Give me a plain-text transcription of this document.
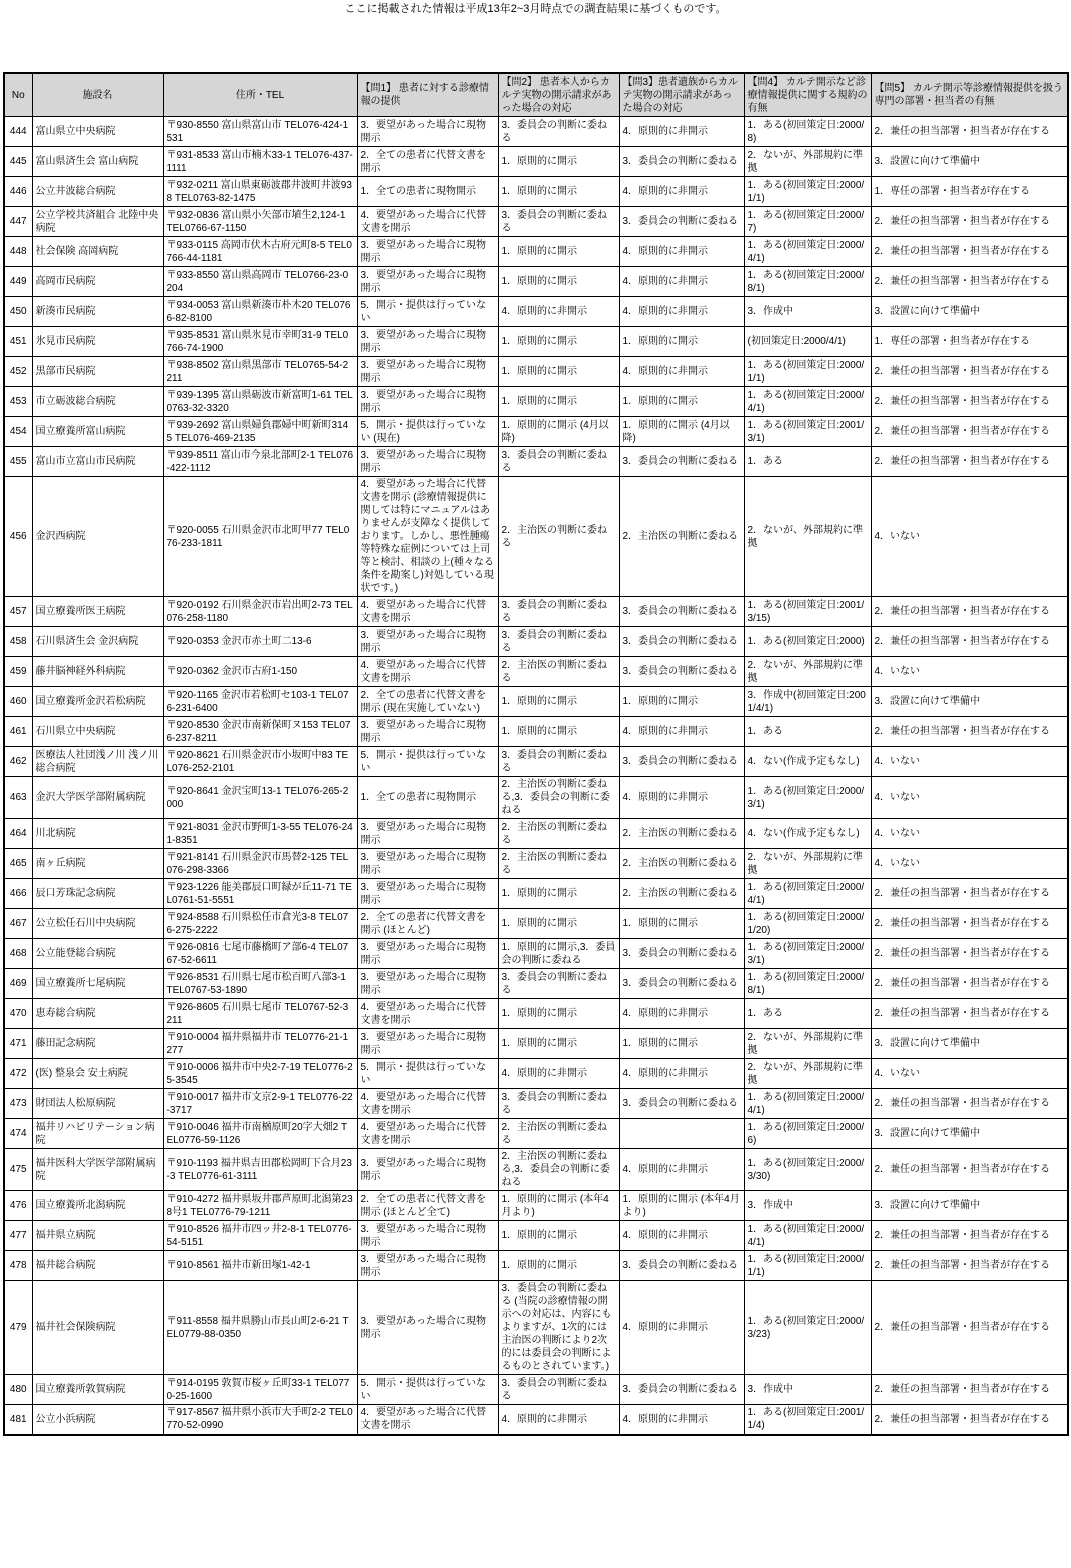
ここに掲載された情報は平成13年2~3月時点での調査結果に基づくものです。
No	施設名	住所・TEL	【問1】 患者に対する診療情報の提供	【問2】 患者本人からカルテ実物の開示請求があった場合の対応	【問3】患者遺族からカルテ実物の開示請求があった場合の対応	【問4】 カルテ開示など診療情報提供に関する規約の有無	【問5】 カルテ開示等診療情報提供を扱う専門の部署・担当者の有無
444	富山県立中央病院	〒930-8550 富山県富山市 TEL076-424-1531	3．要望があった場合に現物開示	3．委員会の判断に委ねる	4．原則的に非開示	1．ある(初回策定日:2000/8)	2．兼任の担当部署・担当者が存在する
445	富山県済生会 富山病院	〒931-8533 富山市楠木33-1 TEL076-437-1111	2．全ての患者に代替文書を開示	1．原則的に開示	3．委員会の判断に委ねる	2．ないが、外部規約に準拠	3．設置に向けて準備中
446	公立井波総合病院	〒932-0211 富山県東砺波郡井波町井波938 TEL0763-82-1475	1．全ての患者に現物開示	1．原則的に開示	4．原則的に非開示	1．ある(初回策定日:2000/1/1)	1．専任の部署・担当者が存在する
447	公立学校共済組合 北陸中央病院	〒932-0836 富山県小矢部市埴生2,124-1 TEL0766-67-1150	4．要望があった場合に代替文書を開示	3．委員会の判断に委ねる	3．委員会の判断に委ねる	1．ある(初回策定日:2000/7)	2．兼任の担当部署・担当者が存在する
448	社会保険 高岡病院	〒933-0115 高岡市伏木古府元町8-5 TEL0766-44-1181	3．要望があった場合に現物開示	1．原則的に開示	4．原則的に非開示	1．ある(初回策定日:2000/4/1)	2．兼任の担当部署・担当者が存在する
449	高岡市民病院	〒933-8550 富山県高岡市 TEL0766-23-0204	3．要望があった場合に現物開示	1．原則的に開示	4．原則的に非開示	1．ある(初回策定日:2000/8/1)	2．兼任の担当部署・担当者が存在する
450	新湊市民病院	〒934-0053 富山県新湊市朴木20 TEL0766-82-8100	5．開示・提供は行っていない	4．原則的に非開示	4．原則的に非開示	3．作成中	3．設置に向けて準備中
451	氷見市民病院	〒935-8531 富山県氷見市幸町31-9 TEL0766-74-1900	3．要望があった場合に現物開示	1．原則的に開示	1．原則的に開示	(初回策定日:2000/4/1)	1．専任の部署・担当者が存在する
452	黒部市民病院	〒938-8502 富山県黒部市 TEL0765-54-2211	3．要望があった場合に現物開示	1．原則的に開示	4．原則的に非開示	1．ある(初回策定日:2000/1/1)	2．兼任の担当部署・担当者が存在する
453	市立砺波総合病院	〒939-1395 富山県砺波市新富町1-61 TEL0763-32-3320	3．要望があった場合に現物開示	1．原則的に開示	1．原則的に開示	1．ある(初回策定日:2000/4/1)	2．兼任の担当部署・担当者が存在する
454	国立療養所富山病院	〒939-2692 富山県婦負郡婦中町新町3145 TEL076-469-2135	5．開示・提供は行っていない (現在)	1．原則的に開示 (4月以降)	1．原則的に開示 (4月以降)	1．ある(初回策定日:2001/3/1)	2．兼任の担当部署・担当者が存在する
455	富山市立富山市民病院	〒939-8511 富山市今泉北部町2-1 TEL076-422-1112	3．要望があった場合に現物開示	3．委員会の判断に委ねる	3．委員会の判断に委ねる	1．ある	2．兼任の担当部署・担当者が存在する
456	金沢西病院	〒920-0055 石川県金沢市北町甲77 TEL076-233-1811	4．要望があった場合に代替文書を開示 (診療情報提供に関しては特にマニュアルはありませんが支障なく提供しております。しかし、悪性腫瘍等特殊な症例については上司等と検討、相談の上(種々なる条件を勘案し)対処している現状です。)	2．主治医の判断に委ねる	2．主治医の判断に委ねる	2．ないが、外部規約に準拠	4．いない
457	国立療養所医王病院	〒920-0192 石川県金沢市岩出町2-73 TEL076-258-1180	4．要望があった場合に代替文書を開示	3．委員会の判断に委ねる	3．委員会の判断に委ねる	1．ある(初回策定日:2001/3/15)	2．兼任の担当部署・担当者が存在する
458	石川県済生会 金沢病院	〒920-0353 金沢市赤土町二13-6	3．要望があった場合に現物開示	3．委員会の判断に委ねる	3．委員会の判断に委ねる	1．ある(初回策定日:2000)	2．兼任の担当部署・担当者が存在する
459	藤井脳神経外科病院	〒920-0362 金沢市古府1-150	4．要望があった場合に代替文書を開示	2．主治医の判断に委ねる	3．委員会の判断に委ねる	2．ないが、外部規約に準拠	4．いない
460	国立療養所金沢若松病院	〒920-1165 金沢市若松町セ103-1 TEL076-231-6400	2．全ての患者に代替文書を開示 (現在実施していない)	1．原則的に開示	1．原則的に開示	3．作成中(初回策定日:2001/4/1)	3．設置に向けて準備中
461	石川県立中央病院	〒920-8530 金沢市南新保町ヌ153 TEL076-237-8211	3．要望があった場合に現物開示	1．原則的に開示	4．原則的に非開示	1．ある	2．兼任の担当部署・担当者が存在する
462	医療法人社団浅ノ川 浅ノ川総合病院	〒920-8621 石川県金沢市小坂町中83 TEL076-252-2101	5．開示・提供は行っていない	3．委員会の判断に委ねる	3．委員会の判断に委ねる	4．ない(作成予定もなし)	4．いない
463	金沢大学医学部附属病院	〒920-8641 金沢宝町13-1 TEL076-265-2000	1．全ての患者に現物開示	2．主治医の判断に委ねる,3．委員会の判断に委ねる	4．原則的に非開示	1．ある(初回策定日:2000/3/1)	4．いない
464	川北病院	〒921-8031 金沢市野町1-3-55 TEL076-241-8351	3．要望があった場合に現物開示	2．主治医の判断に委ねる	2．主治医の判断に委ねる	4．ない(作成予定もなし)	4．いない
465	南ヶ丘病院	〒921-8141 石川県金沢市馬替2-125 TEL076-298-3366	3．要望があった場合に現物開示	2．主治医の判断に委ねる	2．主治医の判断に委ねる	2．ないが、外部規約に準拠	4．いない
466	辰口芳珠記念病院	〒923-1226 能美郡辰口町緑が丘11-71 TEL0761-51-5551	3．要望があった場合に現物開示	1．原則的に開示	2．主治医の判断に委ねる	1．ある(初回策定日:2000/4/1)	2．兼任の担当部署・担当者が存在する
467	公立松任石川中央病院	〒924-8588 石川県松任市倉光3-8 TEL076-275-2222	2．全ての患者に代替文書を開示 (ほとんど)	1．原則的に開示	1．原則的に開示	1．ある(初回策定日:2000/1/20)	2．兼任の担当部署・担当者が存在する
468	公立能登総合病院	〒926-0816 七尾市藤橋町ア部6-4 TEL0767-52-6611	3．要望があった場合に現物開示	1．原則的に開示,3．委員会の判断に委ねる	3．委員会の判断に委ねる	1．ある(初回策定日:2000/3/1)	2．兼任の担当部署・担当者が存在する
469	国立療養所七尾病院	〒926-8531 石川県七尾市松百町八部3-1 TEL0767-53-1890	3．要望があった場合に現物開示	3．委員会の判断に委ねる	3．委員会の判断に委ねる	1．ある(初回策定日:2000/8/1)	2．兼任の担当部署・担当者が存在する
470	恵寿総合病院	〒926-8605 石川県七尾市 TEL0767-52-3211	4．要望があった場合に代替文書を開示	1．原則的に開示	4．原則的に非開示	1．ある	2．兼任の担当部署・担当者が存在する
471	藤田記念病院	〒910-0004 福井県福井市 TEL0776-21-1277	3．要望があった場合に現物開示	1．原則的に開示	1．原則的に開示	2．ないが、外部規約に準拠	3．設置に向けて準備中
472	(医) 整泉会 安土病院	〒910-0006 福井市中央2-7-19 TEL0776-25-3545	5．開示・提供は行っていない	4．原則的に非開示	4．原則的に非開示	2．ないが、外部規約に準拠	4．いない
473	財団法人松原病院	〒910-0017 福井市文京2-9-1 TEL0776-22-3717	4．要望があった場合に代替文書を開示	3．委員会の判断に委ねる	3．委員会の判断に委ねる	1．ある(初回策定日:2000/4/1)	2．兼任の担当部署・担当者が存在する
474	福井リハビリテーション病院	〒910-0046 福井市南楢原町20字大畑2 TEL0776-59-1126	4．要望があった場合に代替文書を開示	2．主治医の判断に委ねる		1．ある(初回策定日:2000/6)	3．設置に向けて準備中
475	福井医科大学医学部附属病院	〒910-1193 福井県吉田郡松岡町下合月23-3 TEL0776-61-3111	3．要望があった場合に現物開示	2．主治医の判断に委ねる,3．委員会の判断に委ねる	4．原則的に非開示	1．ある(初回策定日:2000/3/30)	2．兼任の担当部署・担当者が存在する
476	国立療養所北潟病院	〒910-4272 福井県坂井郡芦原町北潟第238号1 TEL0776-79-1211	2．全ての患者に代替文書を開示 (ほとんど全て)	1．原則的に開示 (本年4月より)	1．原則的に開示 (本年4月より)	3．作成中	3．設置に向けて準備中
477	福井県立病院	〒910-8526 福井市四ッ井2-8-1 TEL0776-54-5151	3．要望があった場合に現物開示	1．原則的に開示	4．原則的に非開示	1．ある(初回策定日:2000/4/1)	2．兼任の担当部署・担当者が存在する
478	福井総合病院	〒910-8561 福井市新田塚1-42-1	3．要望があった場合に現物開示	1．原則的に開示	3．委員会の判断に委ねる	1．ある(初回策定日:2000/1/1)	2．兼任の担当部署・担当者が存在する
479	福井社会保険病院	〒911-8558 福井県勝山市長山町2-6-21 TEL0779-88-0350	3．要望があった場合に現物開示	3．委員会の判断に委ねる (当院の診療情報の開示への対応は、内容にもよりますが、1次的には主治医の判断により2次的には委員会の判断によるものとされています。)	4．原則的に非開示	1．ある(初回策定日:2000/3/23)	2．兼任の担当部署・担当者が存在する
480	国立療養所敦賀病院	〒914-0195 敦賀市桜ヶ丘町33-1 TEL0770-25-1600	5．開示・提供は行っていない	3．委員会の判断に委ねる	3．委員会の判断に委ねる	3．作成中	2．兼任の担当部署・担当者が存在する
481	公立小浜病院	〒917-8567 福井県小浜市大手町2-2 TEL0770-52-0990	4．要望があった場合に代替文書を開示	4．原則的に非開示	4．原則的に非開示	1．ある(初回策定日:2001/1/4)	2．兼任の担当部署・担当者が存在する
